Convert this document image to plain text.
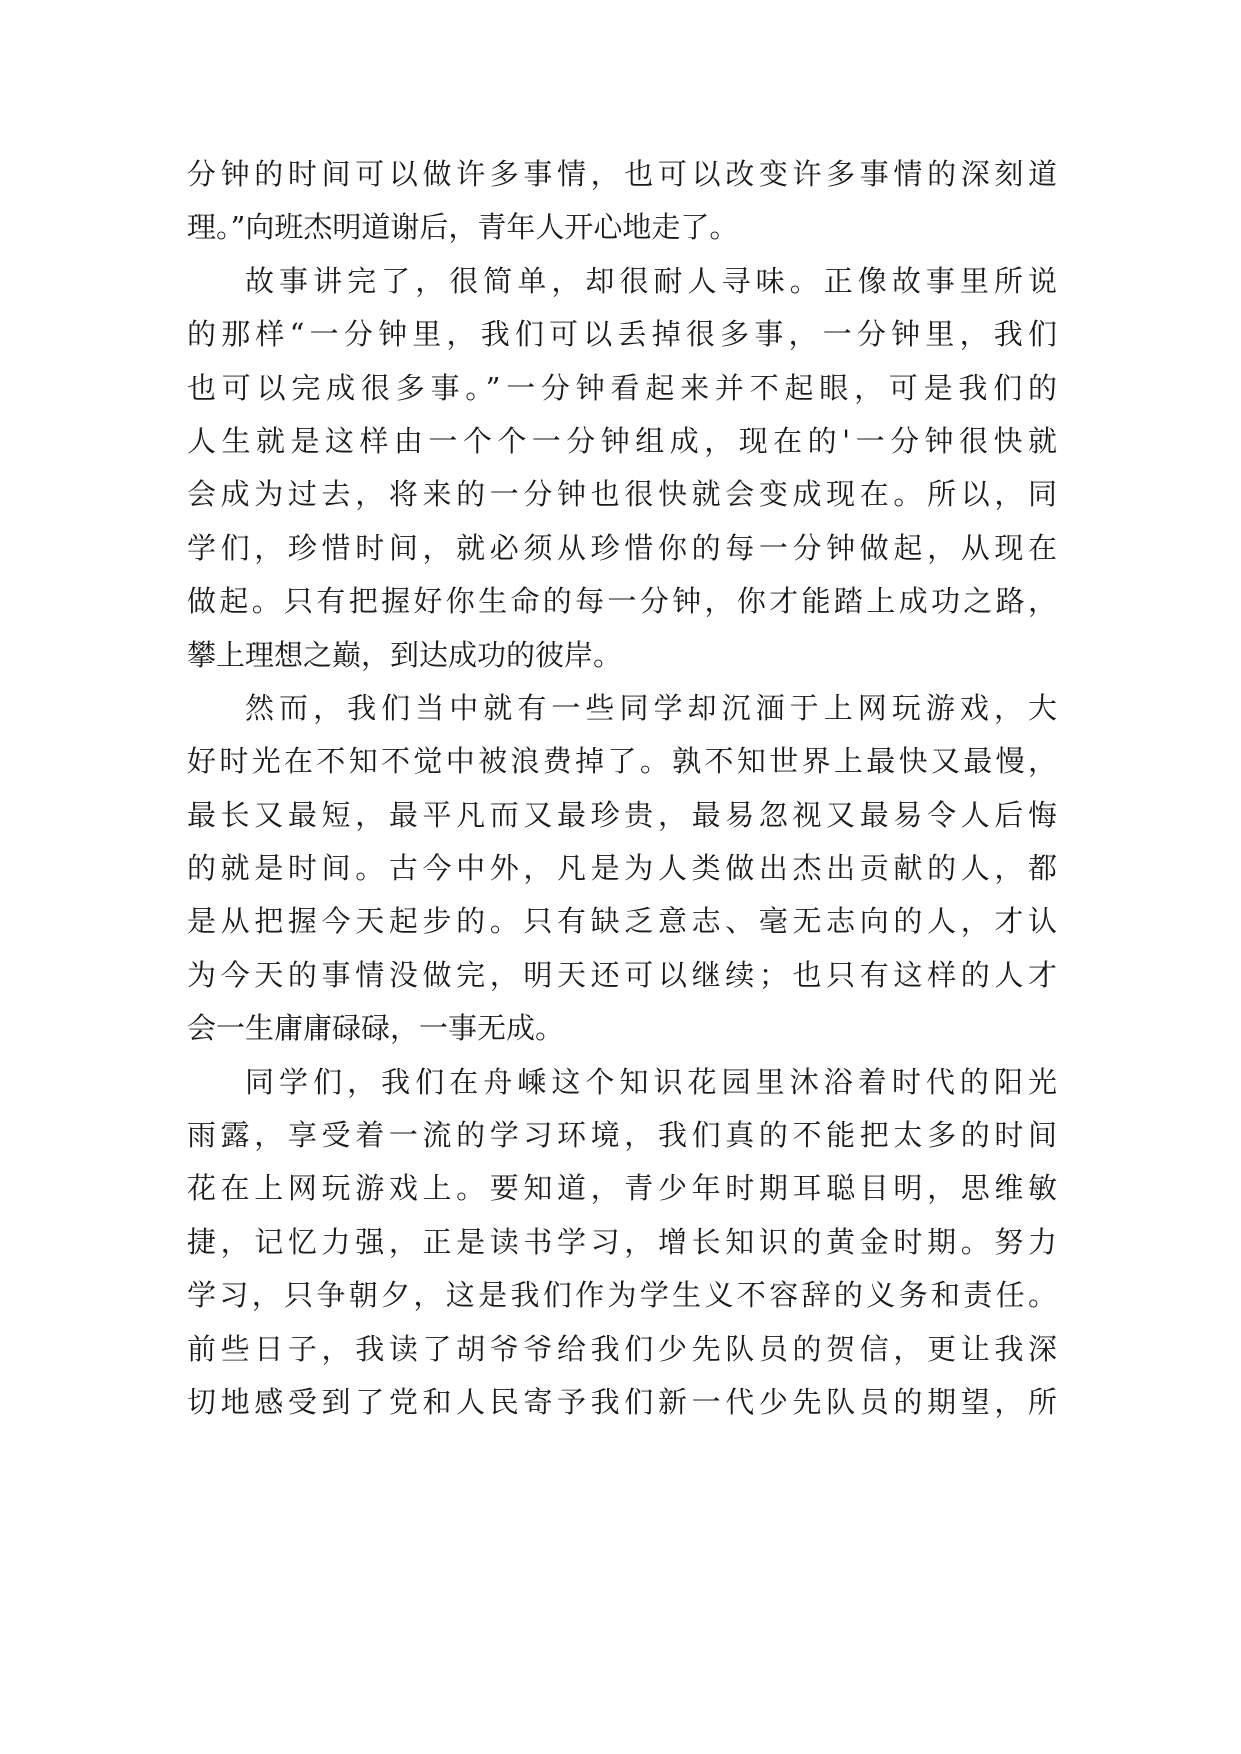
分钟的时间可以做许多事情，也可以改变许多事情的深刻道
理。”向班杰明道谢后，青年人开心地走了。
故事讲完了，很简单，却很耐人寻味。正像故事里所说
的那样“一分钟里，我们可以丢掉很多事，一分钟里，我们
也可以完成很多事。”一分钟看起来并不起眼，可是我们的
人生就是这样由一个个一分钟组成，现在的'一分钟很快就
会成为过去，将来的一分钟也很快就会变成现在。所以，同
学们，珍惜时间，就必须从珍惜你的每一分钟做起，从现在
做起。只有把握好你生命的每一分钟，你才能踏上成功之路，
攀上理想之巅，到达成功的彼岸。
然而，我们当中就有一些同学却沉湎于上网玩游戏，大
好时光在不知不觉中被浪费掉了。孰不知世界上最快又最慢，
最长又最短，最平凡而又最珍贵，最易忽视又最易令人后悔
的就是时间。古今中外，凡是为人类做出杰出贡献的人，都
是从把握今天起步的。只有缺乏意志、毫无志向的人，才认
为今天的事情没做完，明天还可以继续；也只有这样的人才
会一生庸庸碌碌，一事无成。
同学们，我们在舟嵊这个知识花园里沐浴着时代的阳光
雨露，享受着一流的学习环境，我们真的不能把太多的时间
花在上网玩游戏上。要知道，青少年时期耳聪目明，思维敏
捷，记忆力强，正是读书学习，增长知识的黄金时期。努力
学习，只争朝夕，这是我们作为学生义不容辞的义务和责任。
前些日子，我读了胡爷爷给我们少先队员的贺信，更让我深
切地感受到了党和人民寄予我们新一代少先队员的期望，所
